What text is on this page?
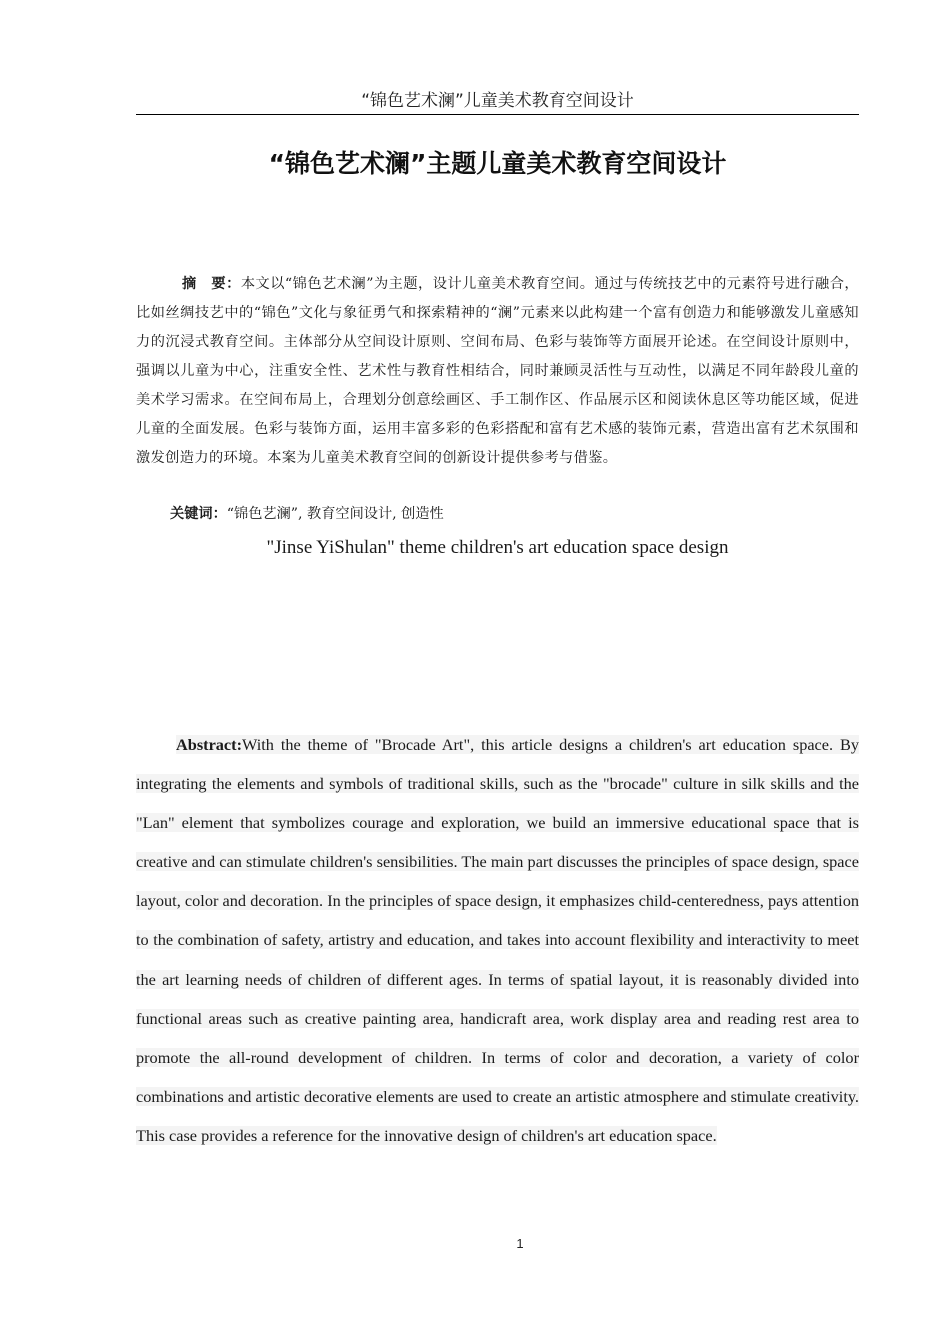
“锦色艺术澜”儿童美术教育空间设计
“锦色艺术澜”主题儿童美术教育空间设计

摘　要：本文以“锦色艺术澜”为主题，设计儿童美术教育空间。通过与传统技艺中的元素符号进行融合，比如丝绸技艺中的“锦色”文化与象征勇气和探索精神的“澜”元素来以此构建一个富有创造力和能够激发儿童感知力的沉浸式教育空间。主体部分从空间设计原则、空间布局、色彩与装饰等方面展开论述。在空间设计原则中，强调以儿童为中心，注重安全性、艺术性与教育性相结合，同时兼顾灵活性与互动性，以满足不同年龄段儿童的美术学习需求。在空间布局上，合理划分创意绘画区、手工制作区、作品展示区和阅读休息区等功能区域，促进儿童的全面发展。色彩与装饰方面，运用丰富多彩的色彩搭配和富有艺术感的装饰元素，营造出富有艺术氛围和激发创造力的环境。本案为儿童美术教育空间的创新设计提供参考与借鉴。

关键词：“锦色艺澜”, 教育空间设计, 创造性
"Jinse YiShulan" theme children's art education space design

Abstract:With the theme of "Brocade Art", this article designs a children's art education space. By integrating the elements and symbols of traditional skills, such as the "brocade" culture in silk skills and the "Lan" element that symbolizes courage and exploration, we build an immersive educational space that is creative and can stimulate children's sensibilities. The main part discusses the principles of space design, space layout, color and decoration. In the principles of space design, it emphasizes child-centeredness, pays attention to the combination of safety, artistry and education, and takes into account flexibility and interactivity to meet the art learning needs of children of different ages. In terms of spatial layout, it is reasonably divided into functional areas such as creative painting area, handicraft area, work display area and reading rest area to promote the all-round development of children. In terms of color and decoration, a variety of color combinations and artistic decorative elements are used to create an artistic atmosphere and stimulate creativity. This case provides a reference for the innovative design of children's art education space.

1
